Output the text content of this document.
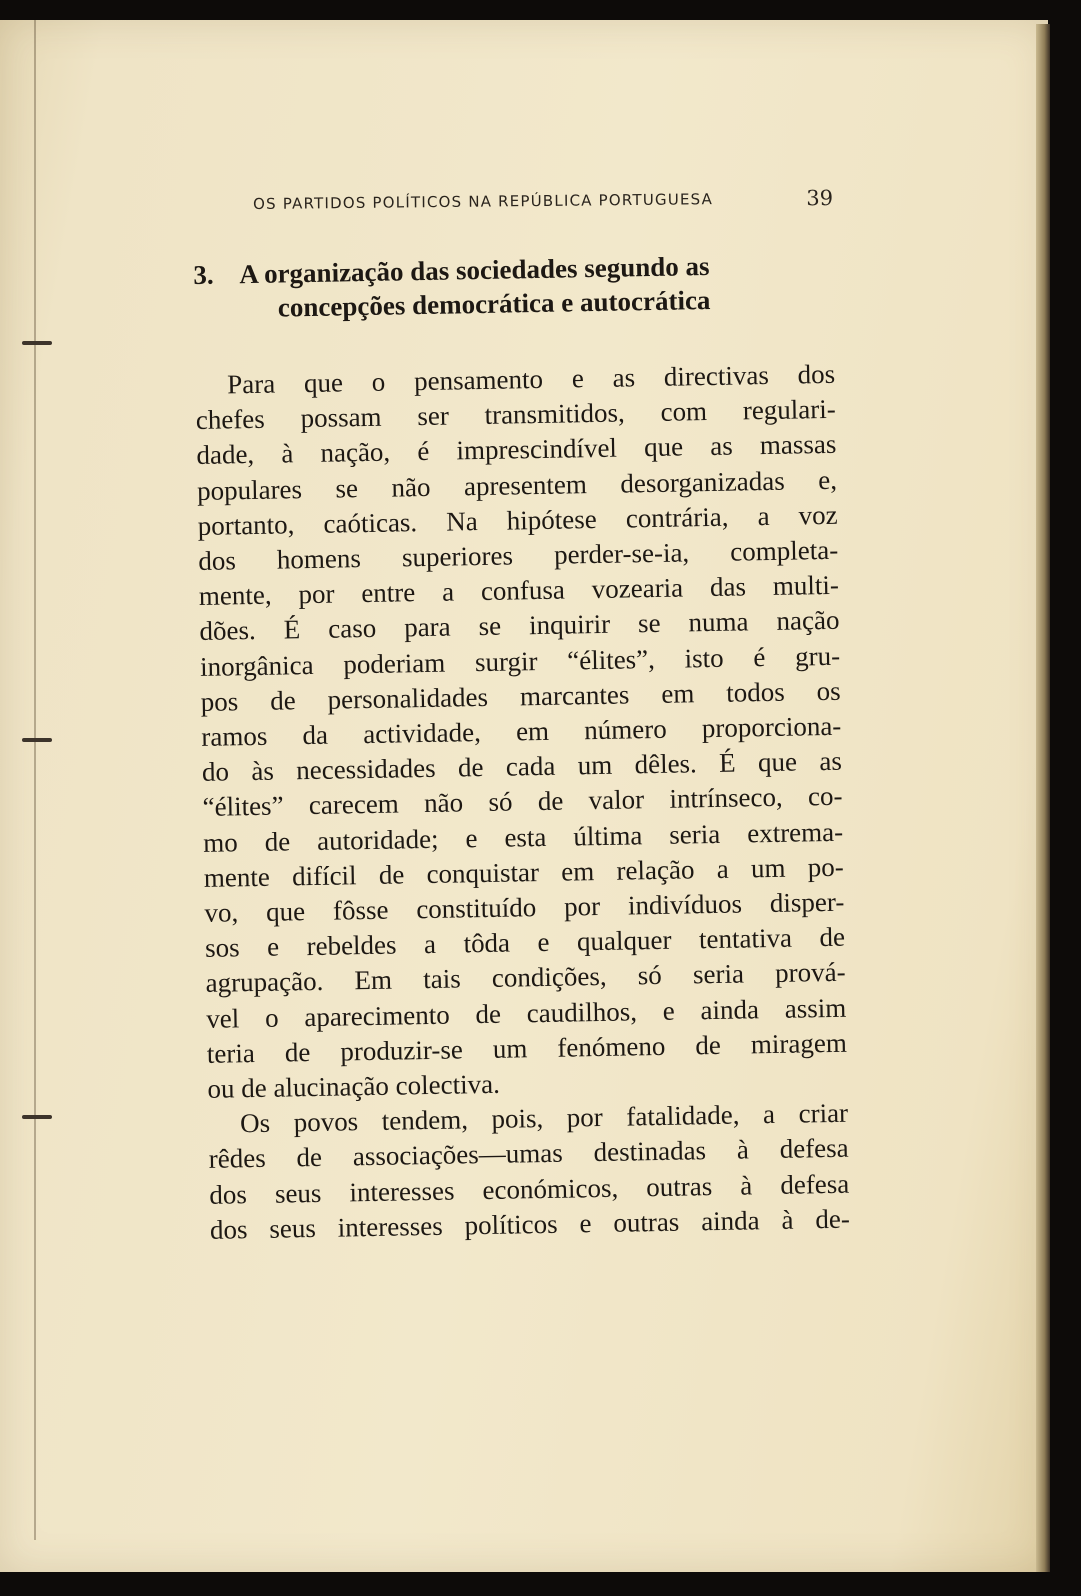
OS PARTIDOS POLÍTICOS NA REPÚBLICA PORTUGUESA	39
3. A organização das sociedades segundo as
concepções democrática e autocrática
Para que o pensamento e as directivas dos
chefes possam ser transmitidos, com regulari-
dade, à nação, é imprescindível que as massas
populares se não apresentem desorganizadas e,
portanto, caóticas. Na hipótese contrária, a voz
dos homens superiores perder-se-ia, completa-
mente, por entre a confusa vozearia das multi-
dões. É caso para se inquirir se numa nação
inorgânica poderiam surgir “élites”, isto é gru-
pos de personalidades marcantes em todos os
ramos da actividade, em número proporciona-
do às necessidades de cada um dêles. É que as
“élites” carecem não só de valor intrínseco, co-
mo de autoridade; e esta última seria extrema-
mente difícil de conquistar em relação a um po-
vo, que fôsse constituído por indivíduos disper-
sos e rebeldes a tôda e qualquer tentativa de
agrupação. Em tais condições, só seria prová-
vel o aparecimento de caudilhos, e ainda assim
teria de produzir-se um fenómeno de miragem
ou de alucinação colectiva.
Os povos tendem, pois, por fatalidade, a criar
rêdes de associações—umas destinadas à defesa
dos seus interesses económicos, outras à defesa
dos seus interesses políticos e outras ainda à de-
